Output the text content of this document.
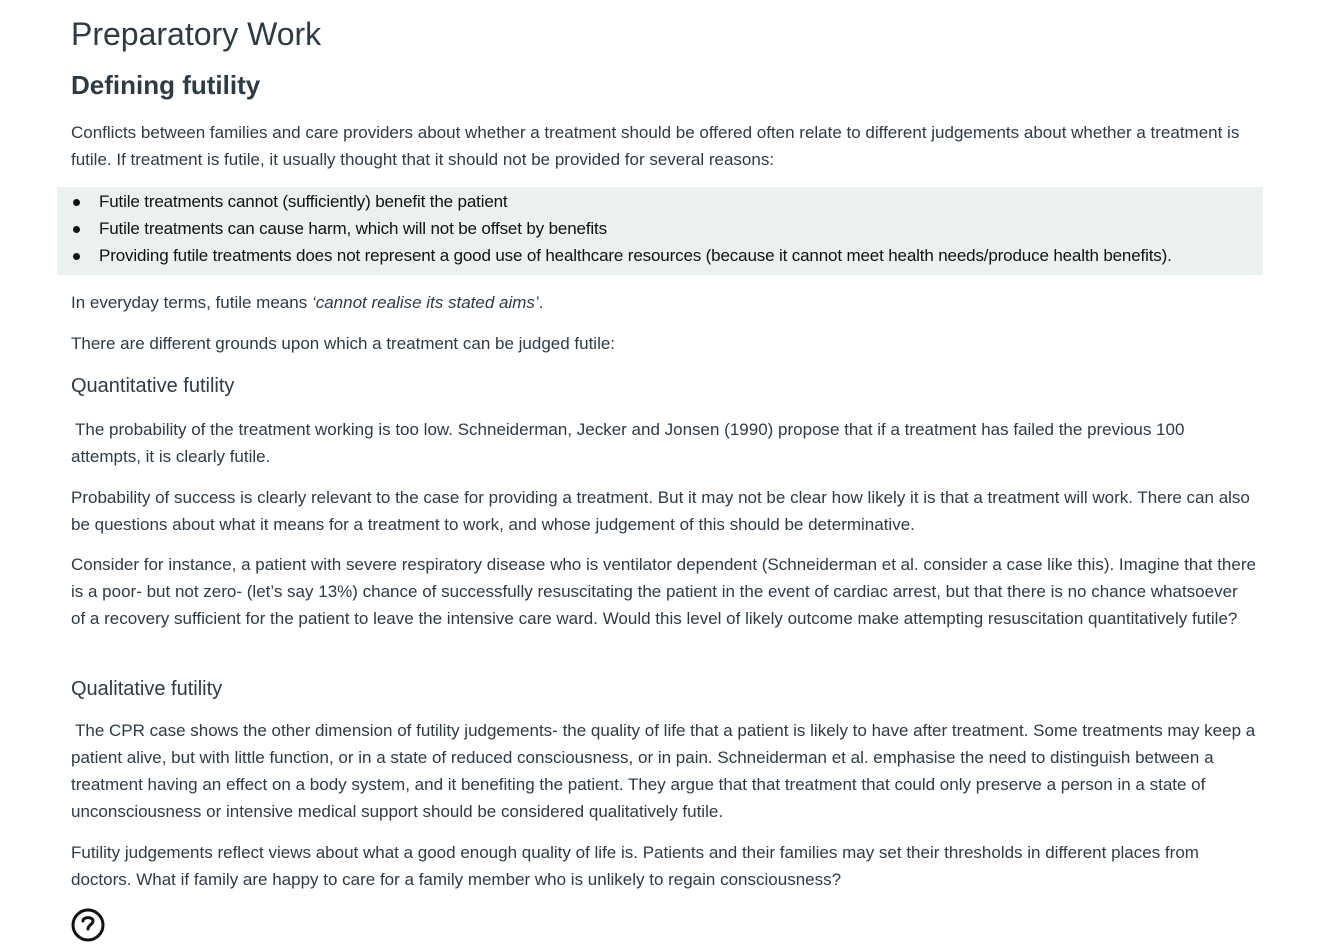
Preparatory Work
Defining futility

Conflicts between families and care providers about whether a treatment should be offered often relate to different judgements about whether a treatment is futile. If treatment is futile, it usually thought that it should not be provided for several reasons:

In everyday terms, futile means ‘cannot realise its stated aims’.

There are different grounds upon which a treatment can be judged futile:

Quantitative futility

The probability of the treatment working is too low. Schneiderman, Jecker and Jonsen (1990) propose that if a treatment has failed the previous 100 attempts, it is clearly futile.

Probability of success is clearly relevant to the case for providing a treatment. But it may not be clear how likely it is that a treatment will work. There can also be questions about what it means for a treatment to work, and whose judgement of this should be determinative.

Consider for instance, a patient with severe respiratory disease who is ventilator dependent (Schneiderman et al. consider a case like this). Imagine that there is a poor- but not zero- (let’s say 13%) chance of successfully resuscitating the patient in the event of cardiac arrest, but that there is no chance whatsoever of a recovery sufficient for the patient to leave the intensive care ward. Would this level of likely outcome make attempting resuscitation quantitatively futile?

Qualitative futility

The CPR case shows the other dimension of futility judgements- the quality of life that a patient is likely to have after treatment. Some treatments may keep a patient alive, but with little function, or in a state of reduced consciousness, or in pain. Schneiderman et al. emphasise the need to distinguish between a treatment having an effect on a body system, and it benefiting the patient. They argue that that treatment that could only preserve a person in a state of unconsciousness or intensive medical support should be considered qualitatively futile.

Futility judgements reflect views about what a good enough quality of life is. Patients and their families may set their thresholds in different places from doctors. What if family are happy to care for a family member who is unlikely to regain consciousness?

Futile treatments cannot (sufficiently) benefit the patient
Futile treatments can cause harm, which will not be offset by benefits
Providing futile treatments does not represent a good use of healthcare resources (because it cannot meet health needs/produce health benefits).
